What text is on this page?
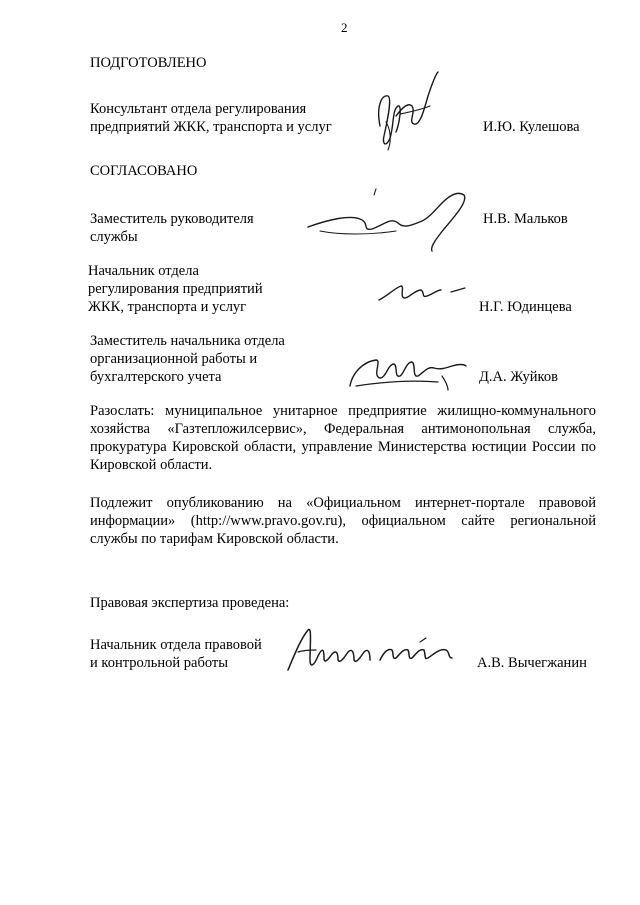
2
ПОДГОТОВЛЕНО
Консультант отдела регулирования
предприятий ЖКК, транспорта и услуг	И.Ю. Кулешова
СОГЛАСОВАНО
Заместитель руководителя
службы
Н.В. Мальков
Начальник отдела
регулирования предприятий
ЖКК, транспорта и услуг	Н.Г. Юдинцева
Заместитель начальника отдела
организационной работы и
бухгалтерского учета	Д.А. Жуйков
Разослать: муниципальное унитарное предприятие жилищно-коммунального хозяйства «Газтепложилсервис», Федеральная антимонопольная служба, прокуратура Кировской области, управление Министерства юстиции России по Кировской области.
Подлежит опубликованию на «Официальном интернет-портале правовой информации» (http://www.pravo.gov.ru), официальном сайте региональной службы по тарифам Кировской области.
Правовая экспертиза проведена:
Начальник отдела правовой
и контрольной работы	А.В. Вычегжанин
